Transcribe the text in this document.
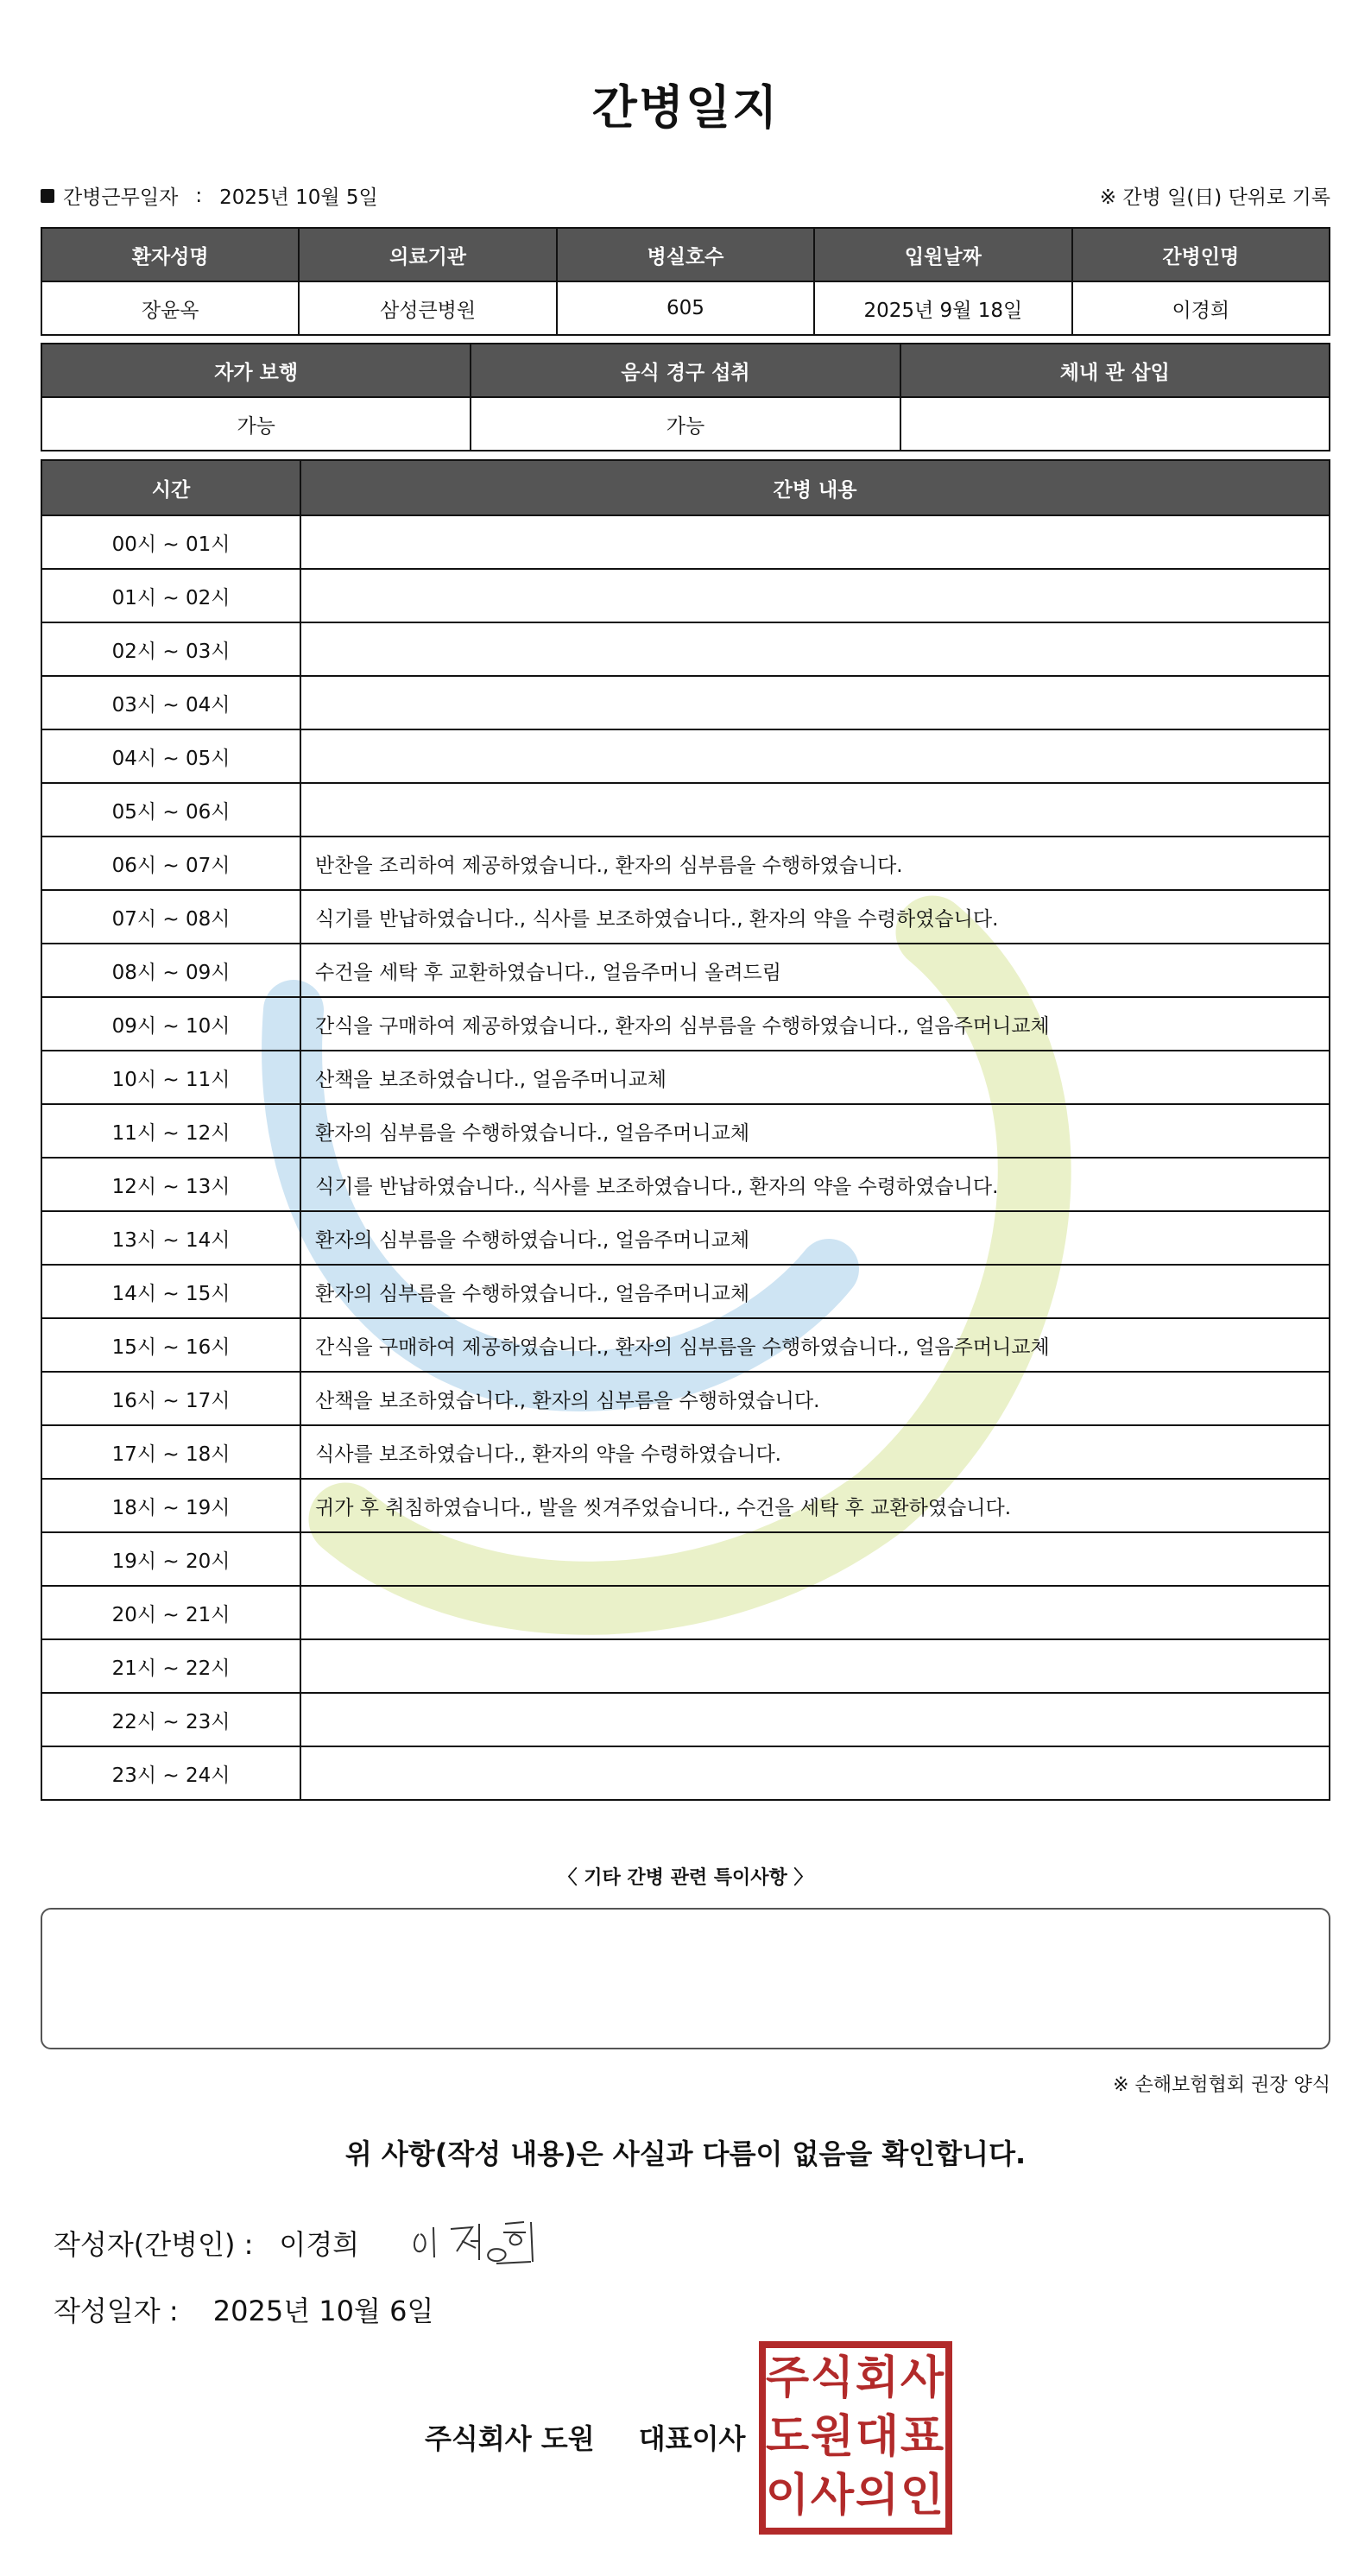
간병일지
간병근무일자 : 2025년 10월 5일	※ 간병 일(日) 단위로 기록
환자성명	의료기관	병실호수	입원날짜	간병인명
장윤옥	삼성큰병원	605	2025년 9월 18일	이경희
자가 보행	음식 경구 섭취	체내 관 삽입
가능	가능	
시간	간병 내용
00시 ~ 01시	
01시 ~ 02시	
02시 ~ 03시	
03시 ~ 04시	
04시 ~ 05시	
05시 ~ 06시	
06시 ~ 07시	반찬을 조리하여 제공하였습니다., 환자의 심부름을 수행하였습니다.
07시 ~ 08시	식기를 반납하였습니다., 식사를 보조하였습니다., 환자의 약을 수령하였습니다.
08시 ~ 09시	수건을 세탁 후 교환하였습니다., 얼음주머니 올려드림
09시 ~ 10시	간식을 구매하여 제공하였습니다., 환자의 심부름을 수행하였습니다., 얼음주머니교체
10시 ~ 11시	산책을 보조하였습니다., 얼음주머니교체
11시 ~ 12시	환자의 심부름을 수행하였습니다., 얼음주머니교체
12시 ~ 13시	식기를 반납하였습니다., 식사를 보조하였습니다., 환자의 약을 수령하였습니다.
13시 ~ 14시	환자의 심부름을 수행하였습니다., 얼음주머니교체
14시 ~ 15시	환자의 심부름을 수행하였습니다., 얼음주머니교체
15시 ~ 16시	간식을 구매하여 제공하였습니다., 환자의 심부름을 수행하였습니다., 얼음주머니교체
16시 ~ 17시	산책을 보조하였습니다., 환자의 심부름을 수행하였습니다.
17시 ~ 18시	식사를 보조하였습니다., 환자의 약을 수령하였습니다.
18시 ~ 19시	귀가 후 취침하였습니다., 발을 씻겨주었습니다., 수건을 세탁 후 교환하였습니다.
19시 ~ 20시	
20시 ~ 21시	
21시 ~ 22시	
22시 ~ 23시	
23시 ~ 24시	
〈 기타 간병 관련 특이사항 〉
※ 손해보험협회 권장 양식
위 사항(작성 내용)은 사실과 다름이 없음을 확인합니다.
작성자(간병인) : 이경희
작성일자 : 2025년 10월 6일
주식회사 도원 대표이사
주 식 회 사
도 원 대 표
이 사 의 인
